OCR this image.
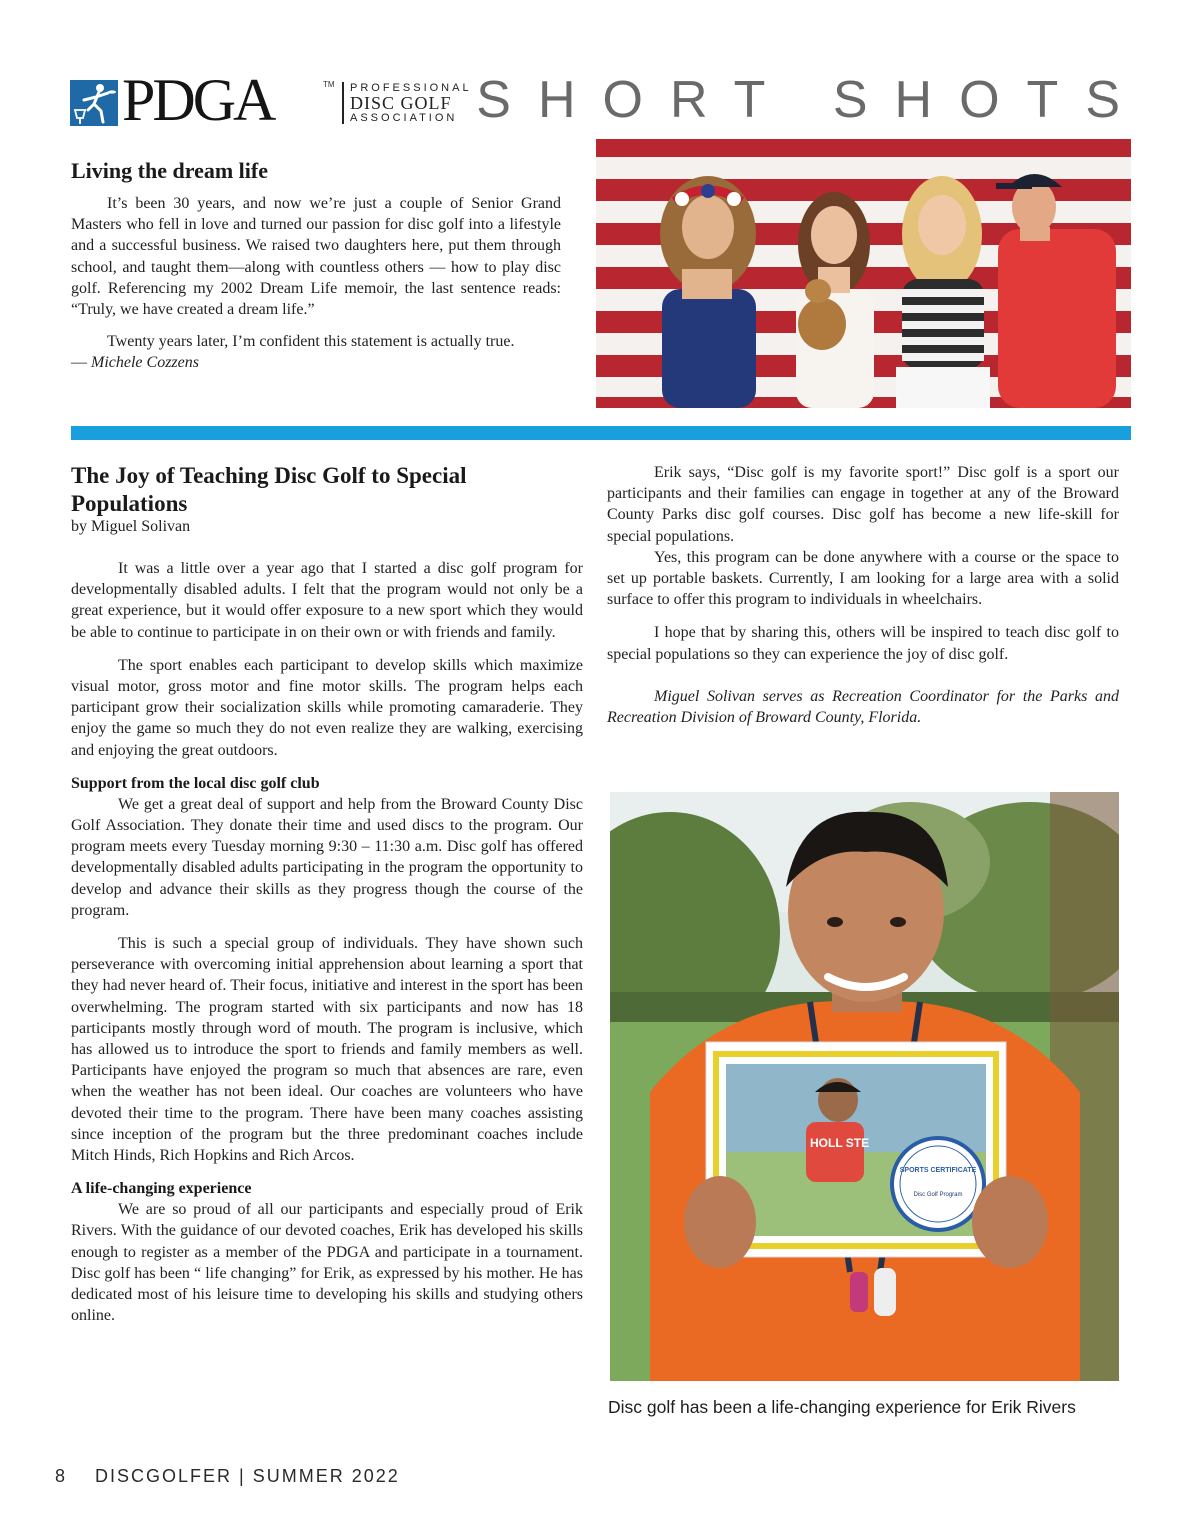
PDGA	TM PROFESSIONAL
DISC GOLF
ASSOCIATION SHORT SHOTS
Living the dream life

It’s been 30 years, and now we’re just a couple of Senior Grand Masters who fell in love and turned our passion for disc golf into a lifestyle and a successful business. We raised two daughters here, put them through school, and taught them—along with countless others — how to play disc golf. Referencing my 2002 Dream Life memoir, the last sentence reads: “Truly, we have created a dream life.”

Twenty years later, I’m confident this statement is actually true.

— Michele Cozzens

The Joy of Teaching Disc Golf to Special Populations

by Miguel Solivan

It was a little over a year ago that I started a disc golf program for developmentally disabled adults. I felt that the program would not only be a great experience, but it would offer exposure to a new sport which they would be able to continue to participate in on their own or with friends and family.

The sport enables each participant to develop skills which maximize visual motor, gross motor and fine motor skills. The program helps each participant grow their socialization skills while promoting camaraderie. They enjoy the game so much they do not even realize they are walking, exercising and enjoying the great outdoors.

Support from the local disc golf club

We get a great deal of support and help from the Broward County Disc Golf Association. They donate their time and used discs to the program. Our program meets every Tuesday morning 9:30 – 11:30 a.m. Disc golf has offered developmentally disabled adults participating in the program the opportunity to develop and advance their skills as they progress though the course of the program.

This is such a special group of individuals. They have shown such perseverance with overcoming initial apprehension about learning a sport that they had never heard of. Their focus, initiative and interest in the sport has been overwhelming. The program started with six participants and now has 18 participants mostly through word of mouth. The program is inclusive, which has allowed us to introduce the sport to friends and family members as well. Participants have enjoyed the program so much that absences are rare, even when the weather has not been ideal. Our coaches are volunteers who have devoted their time to the program. There have been many coaches assisting since inception of the program but the three predominant coaches include Mitch Hinds, Rich Hopkins and Rich Arcos.

A life-changing experience

We are so proud of all our participants and especially proud of Erik Rivers. With the guidance of our devoted coaches, Erik has developed his skills enough to register as a member of the PDGA and participate in a tournament. Disc golf has been “ life changing” for Erik, as expressed by his mother. He has dedicated most of his leisure time to developing his skills and studying others online.

Erik says, “Disc golf is my favorite sport!” Disc golf is a sport our participants and their families can engage in together at any of the Broward County Parks disc golf courses. Disc golf has become a new life-skill for special populations.

Yes, this program can be done anywhere with a course or the space to set up portable baskets. Currently, I am looking for a large area with a solid surface to offer this program to individuals in wheelchairs.

I hope that by sharing this, others will be inspired to teach disc golf to special populations so they can experience the joy of disc golf.

Miguel Solivan serves as Recreation Coordinator for the Parks and Recreation Division of Broward County, Florida.

HOLL STE
SPORTS CERTIFICATE
Disc Golf Program
Disc golf has been a life-changing experience for Erik Rivers
8 DISCGOLFER | SUMMER 2022
